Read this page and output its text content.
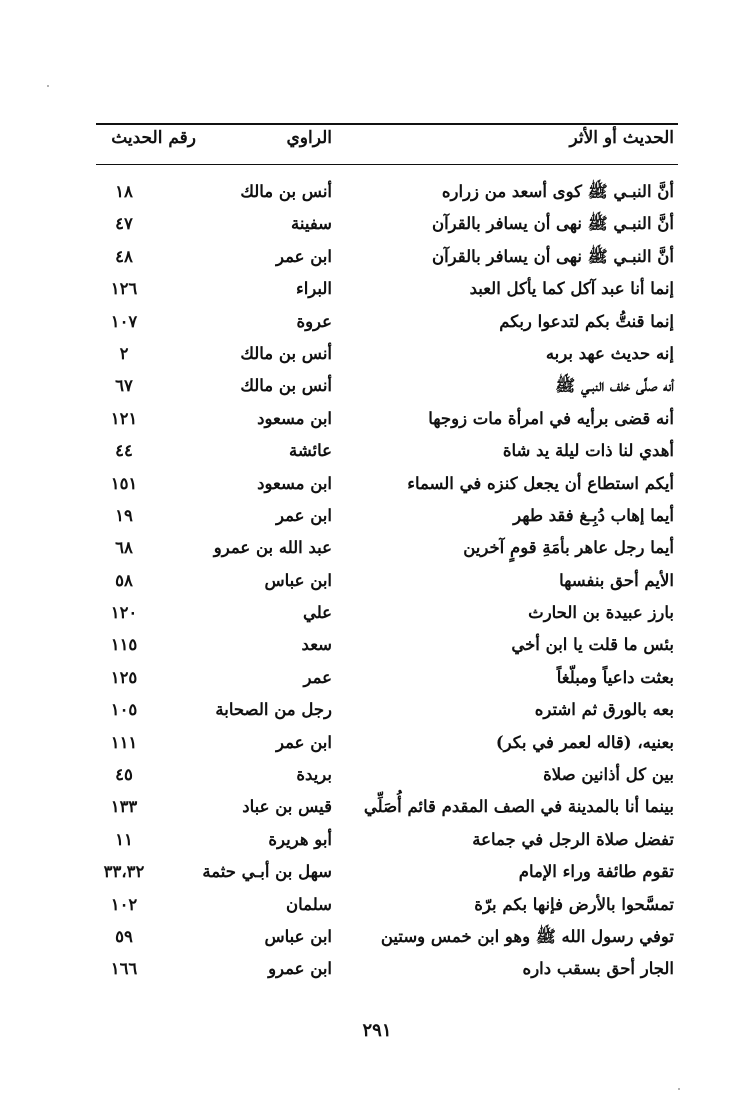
الحديث أو الأثر
الراوي
رقم الحديث
أنَّ النبـي ﷺ كوى أسعد من زراره
أنس بن مالك
١٨
أنَّ النبـي ﷺ نهى أن يسافر بالقرآن
سفينة
٤٧
أنَّ النبـي ﷺ نهى أن يسافر بالقرآن
ابن عمر
٤٨
إنما أنا عبد آكل كما يأكل العبد
البراء
١٢٦
إنما قنتُّ بكم لتدعوا ربكم
عروة
١٠٧
إنه حديث عهد بربه
أنس بن مالك
٢
أنه صلَّى خلف النبـي ﷺ
أنس بن مالك
٦٧
أنه قضى برأيه في امرأة مات زوجها
ابن مسعود
١٢١
أهدي لنا ذات ليلة يد شاة
عائشة
٤٤
أيكم استطاع أن يجعل كنزه في السماء
ابن مسعود
١٥١
أيما إهاب دُبِـغ فقد طهر
ابن عمر
١٩
أيما رجل عاهر بأمَةِ قومٍ آخرين
عبد الله بن عمرو
٦٨
الأيم أحق بنفسها
ابن عباس
٥٨
بارز عبيدة بن الحارث
علي
١٢٠
بئس ما قلت يا ابن أخي
سعد
١١٥
بعثت داعياً ومبلّغاً
عمر
١٢٥
بعه بالورق ثم اشتره
رجل من الصحابة
١٠٥
بعنيه، (قاله لعمر في بكر)
ابن عمر
١١١
بين كل أذانين صلاة
بريدة
٤٥
بينما أنا بالمدينة في الصف المقدم قائم أُصَلِّي
قيس بن عباد
١٣٣
تفضل صلاة الرجل في جماعة
أبو هريرة
١١
تقوم طائفة وراء الإمام
سهل بن أبـي حثمة
٣٣،٣٢
تمسَّحوا بالأرض فإنها بكم برّة
سلمان
١٠٢
توفي رسول الله ﷺ وهو ابن خمس وستين
ابن عباس
٥٩
الجار أحق بسقب داره
ابن عمرو
١٦٦
٢٩١
